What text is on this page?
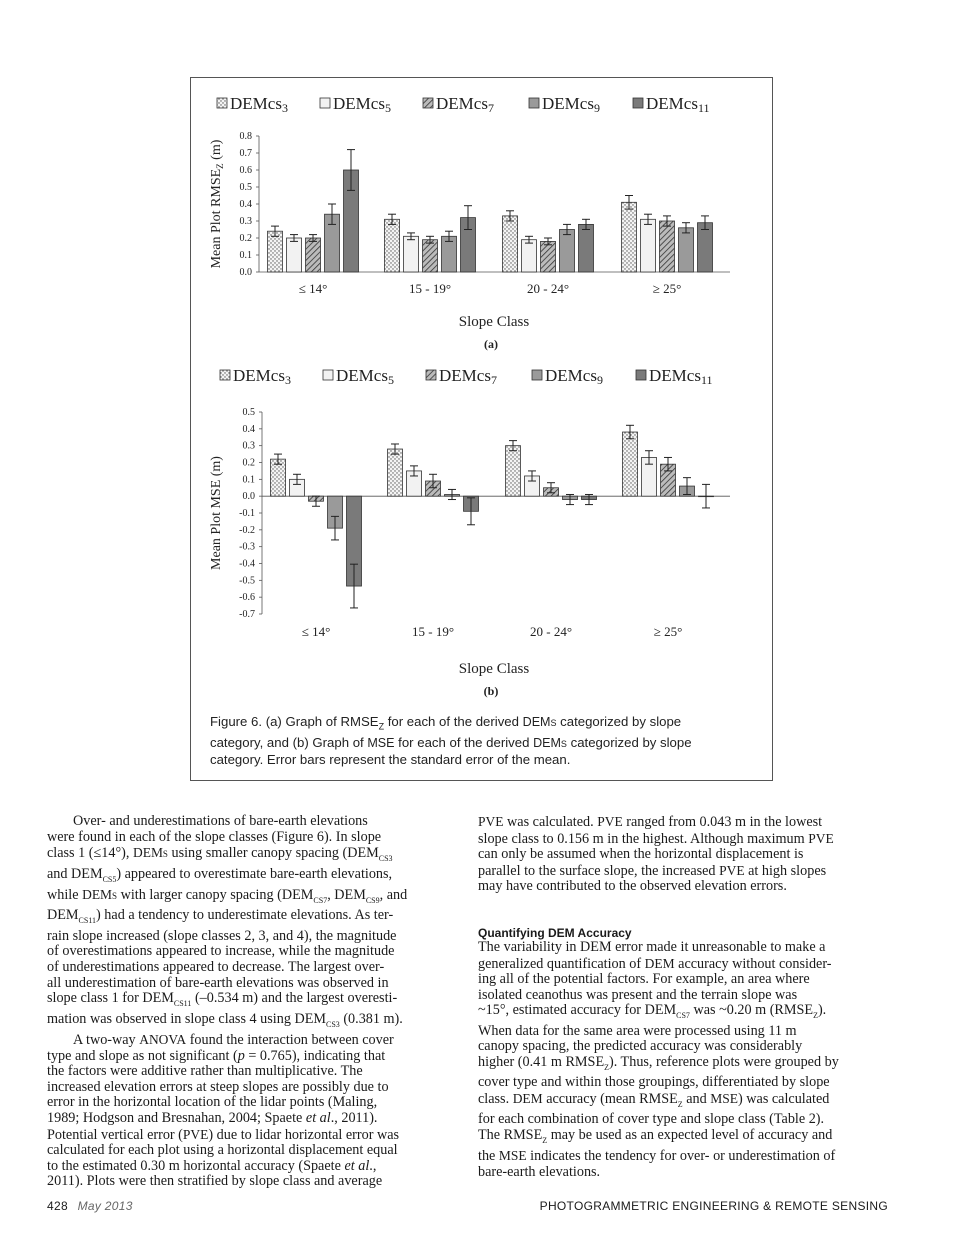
DEMcs3	DEMcs5	DEMcs7	DEMcs9	DEMcs11
0.0
0.1
0.2
0.3
0.4
0.5
0.6
0.7
0.8
Mean Plot $RMSE_Z$ (m)
≤ 14°	15 - 19°	20 - 24°	≥ 25°
Slope Class
(a)
DEMcs3	DEMcs5	DEMcs7	DEMcs9	DEMcs11
0.5
0.4
0.3
0.2
0.1
0.0
-0.1
-0.2
-0.3
-0.4
-0.5
-0.6
-0.7
Mean Plot MSE (m)
≤ 14°	15 - 19°	20 - 24°	≥ 25°
Slope Class
(b)
Figure 6. (a) Graph of $RMSE_Z$ for each of the derived DEMs categorized by slope
category, and (b) Graph of MSE for each of the derived DEMs categorized by slope
category. Error bars represent the standard error of the mean.

Over- and underestimations of bare-earth elevations

were found in each of the slope classes (Figure 6). In slope

class 1 (≤14°), DEMs using smaller canopy spacing ($DEM_{CS3}$

and $DEM_{CS5}$) appeared to overestimate bare-earth elevations,

while DEMs with larger canopy spacing ($DEM_{CS7}$, $DEM_{CS9}$, and

$DEM_{CS11}$) had a tendency to underestimate elevations. As ter-

rain slope increased (slope classes 2, 3, and 4), the magnitude

of overestimations appeared to increase, while the magnitude

of underestimations appeared to decrease. The largest over-

all underestimation of bare-earth elevations was observed in

slope class 1 for $DEM_{CS11}$ (–0.534 m) and the largest overesti-

mation was observed in slope class 4 using $DEM_{CS3}$ (0.381 m).

A two-way ANOVA found the interaction between cover

type and slope as not significant (p = 0.765), indicating that

the factors were additive rather than multiplicative. The

increased elevation errors at steep slopes are possibly due to

error in the horizontal location of the lidar points (Maling,

1989; Hodgson and Bresnahan, 2004; Spaete et al., 2011).

Potential vertical error (PVE) due to lidar horizontal error was

calculated for each plot using a horizontal displacement equal

to the estimated 0.30 m horizontal accuracy (Spaete et al.,

2011). Plots were then stratified by slope class and average

PVE was calculated. PVE ranged from 0.043 m in the lowest

slope class to 0.156 m in the highest. Although maximum PVE

can only be assumed when the horizontal displacement is

parallel to the surface slope, the increased PVE at high slopes

may have contributed to the observed elevation errors.

Quantifying DEM Accuracy

The variability in DEM error made it unreasonable to make a

generalized quantification of DEM accuracy without consider-

ing all of the potential factors. For example, an area where

isolated ceanothus was present and the terrain slope was

~15°, estimated accuracy for $DEM_{CS7}$ was ~0.20 m $(RMSE_Z)$.

When data for the same area were processed using 11 m

canopy spacing, the predicted accuracy was considerably

higher (0.41 m $RMSE_Z$). Thus, reference plots were grouped by

cover type and within those groupings, differentiated by slope

class. DEM accuracy (mean $RMSE_Z$ and MSE) was calculated

for each combination of cover type and slope class (Table 2).

The $RMSE_Z$ may be used as an expected level of accuracy and

the MSE indicates the tendency for over- or underestimation of

bare-earth elevations.

428 May 2013	PHOTOGRAMMETRIC ENGINEERING & REMOTE SENSING
